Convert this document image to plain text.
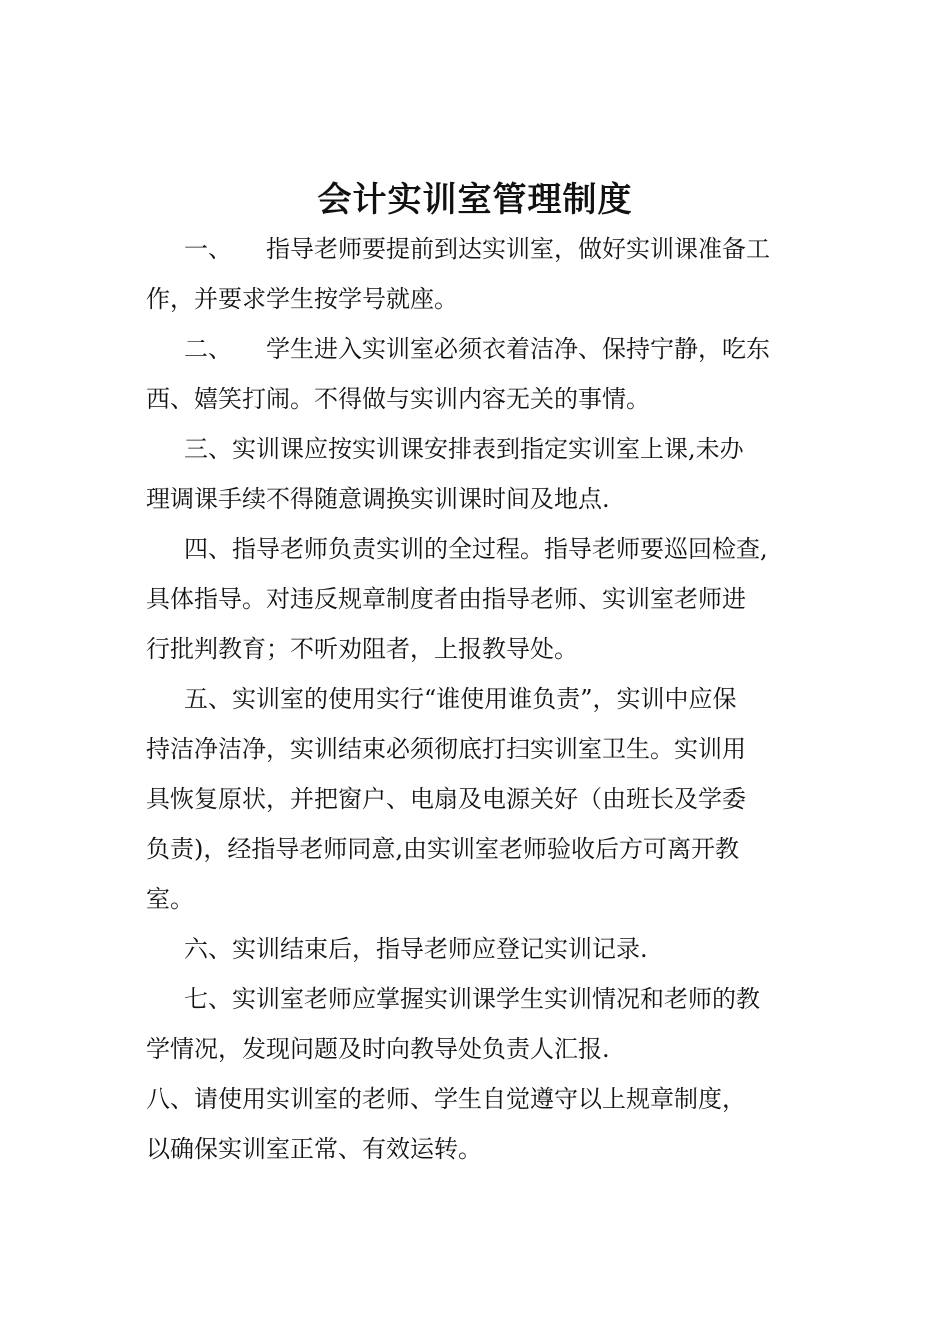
会计实训室管理制度
一、 指导老师要提前到达实训室，做好实训课准备工
作，并要求学生按学号就座。
二、 学生进入实训室必须衣着洁净、保持宁静，吃东
西、嬉笑打闹。不得做与实训内容无关的事情。
三、实训课应按实训课安排表到指定实训室上课,未办
理调课手续不得随意调换实训课时间及地点.
四、指导老师负责实训的全过程。指导老师要巡回检查,
具体指导。对违反规章制度者由指导老师、实训室老师进
行批判教育；不听劝阻者，上报教导处。
五、实训室的使用实行“谁使用谁负责”，实训中应保
持洁净洁净，实训结束必须彻底打扫实训室卫生。实训用
具恢复原状，并把窗户、电扇及电源关好（由班长及学委
负责)，经指导老师同意,由实训室老师验收后方可离开教
室。
六、实训结束后，指导老师应登记实训记录.
七、实训室老师应掌握实训课学生实训情况和老师的教
学情况，发现问题及时向教导处负责人汇报.
八、请使用实训室的老师、学生自觉遵守以上规章制度，
以确保实训室正常、有效运转。
